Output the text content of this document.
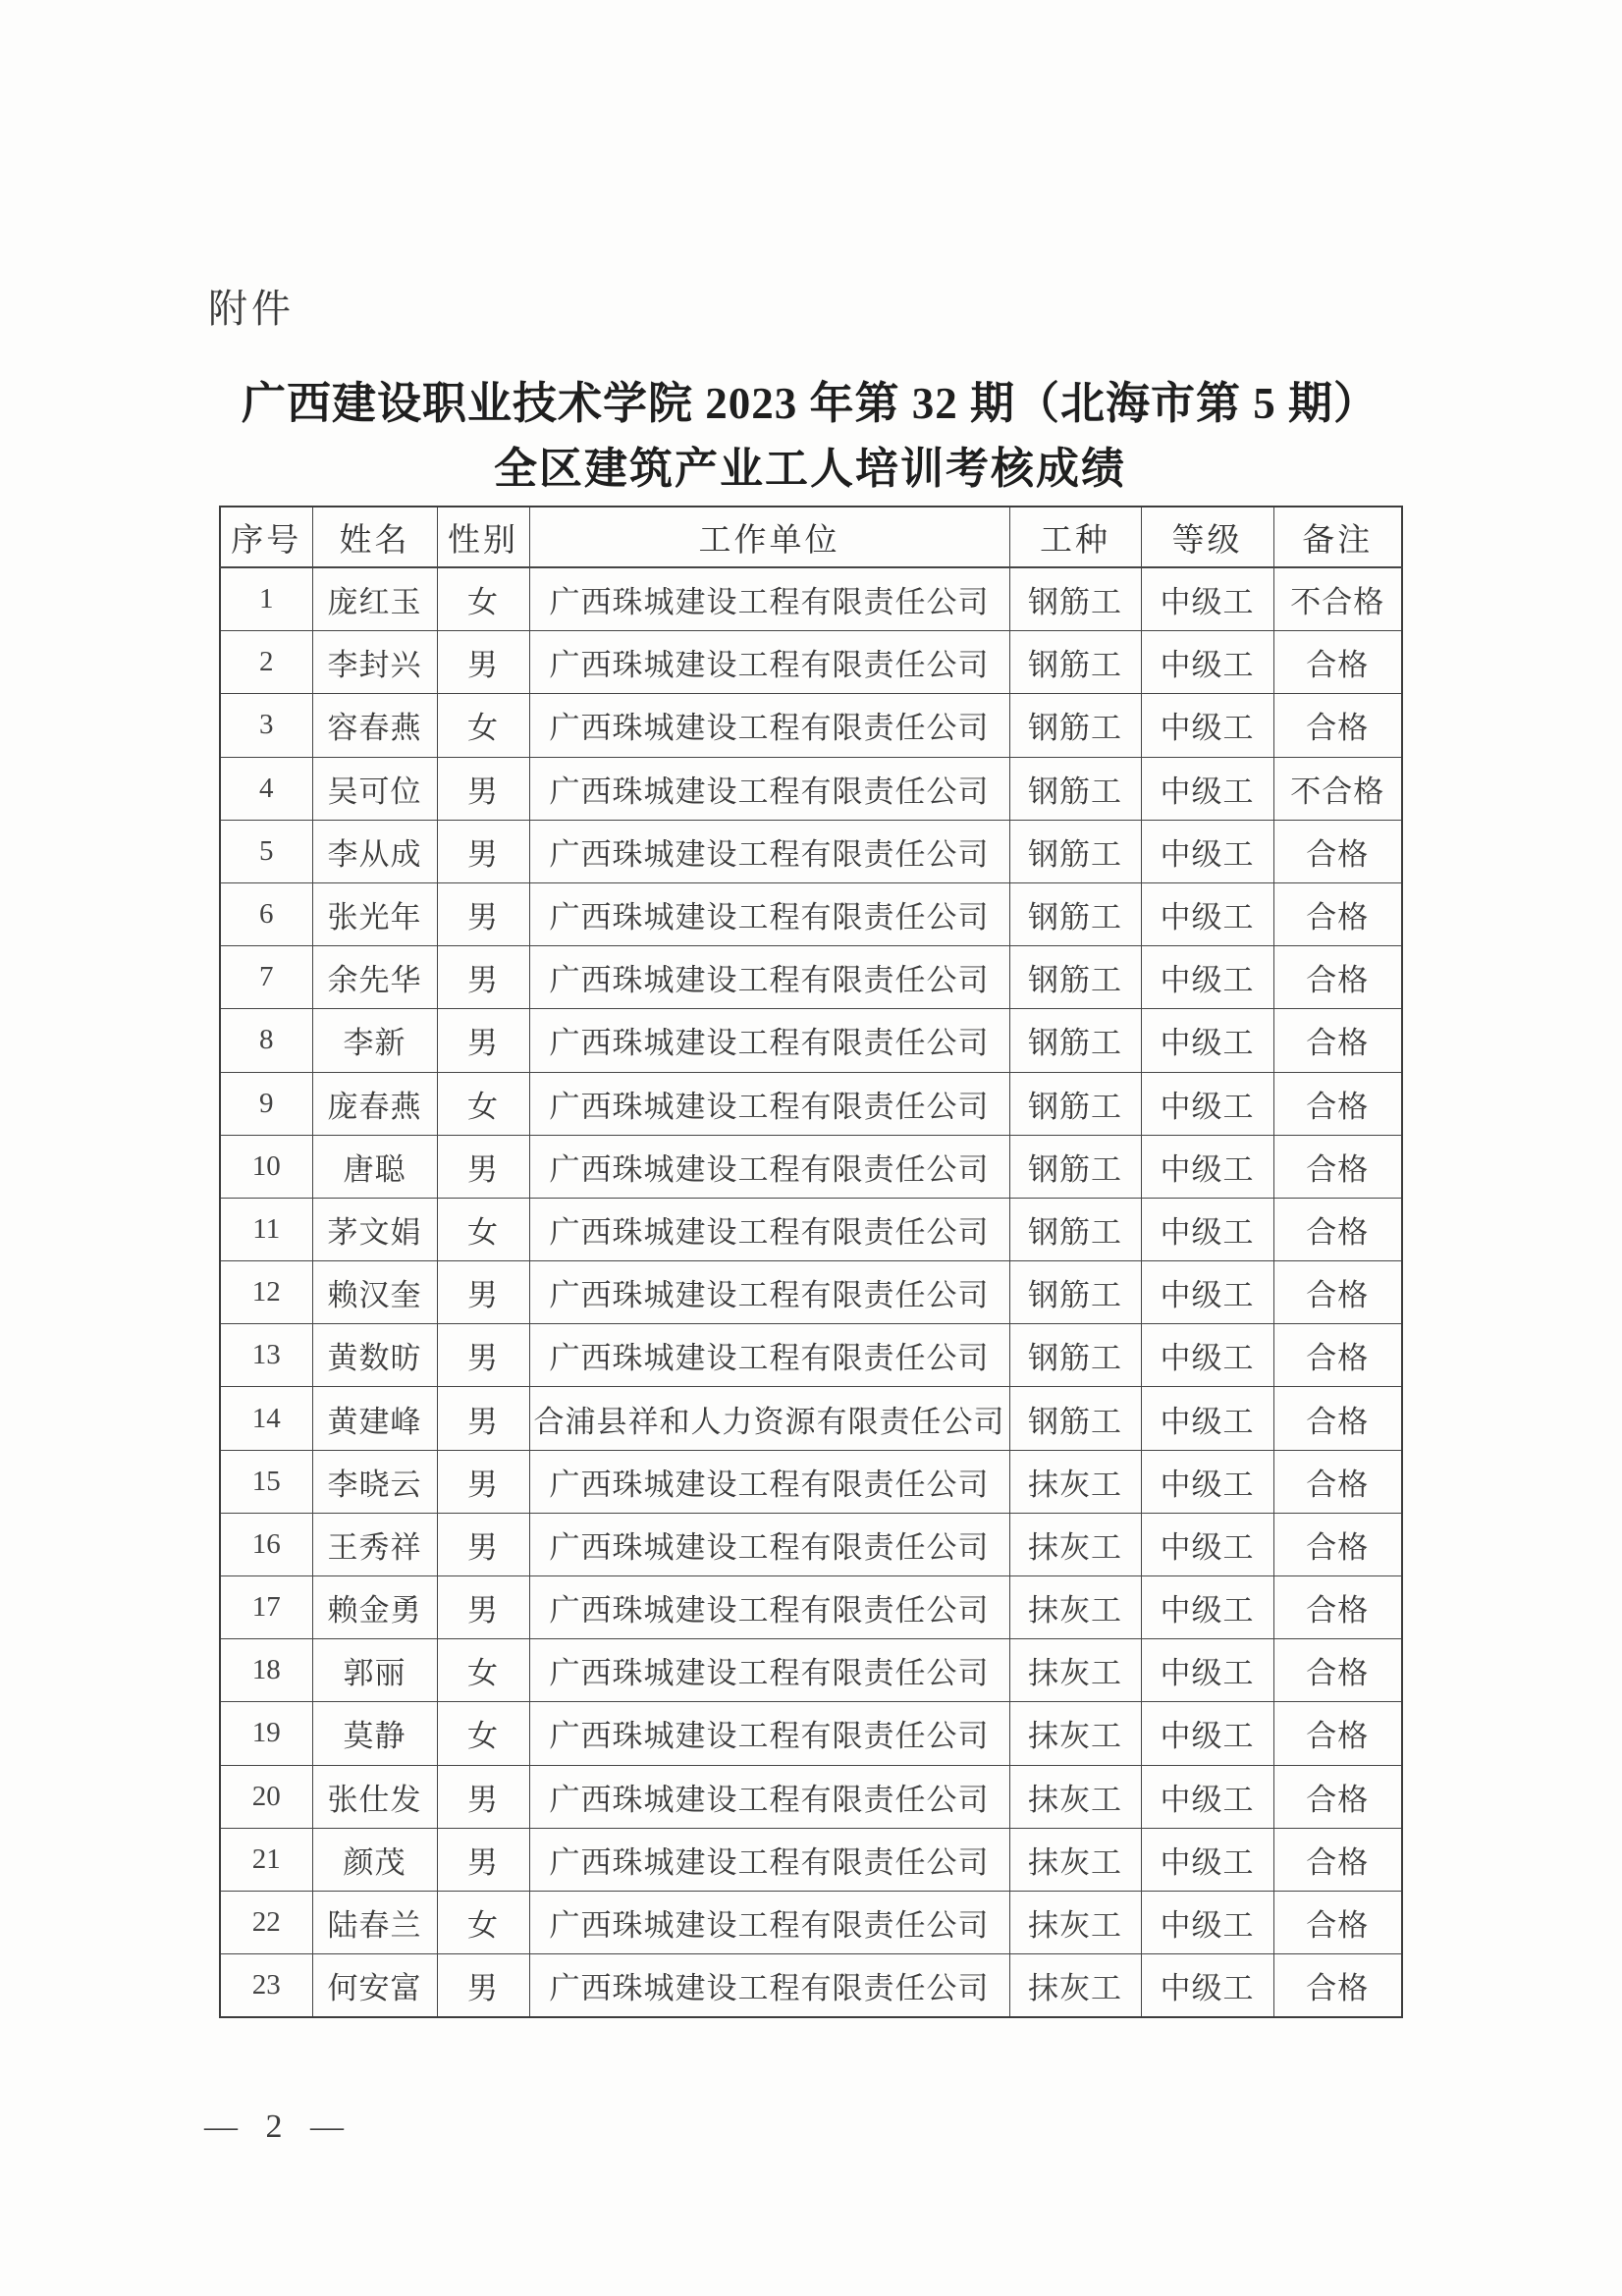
附件
广西建设职业技术学院 2023 年第 32 期（北海市第 5 期）
全区建筑产业工人培训考核成绩
序号	姓名	性别	工作单位	工种	等级	备注
1	庞红玉	女	广西珠城建设工程有限责任公司	钢筋工	中级工	不合格
2	李封兴	男	广西珠城建设工程有限责任公司	钢筋工	中级工	合格
3	容春燕	女	广西珠城建设工程有限责任公司	钢筋工	中级工	合格
4	吴可位	男	广西珠城建设工程有限责任公司	钢筋工	中级工	不合格
5	李从成	男	广西珠城建设工程有限责任公司	钢筋工	中级工	合格
6	张光年	男	广西珠城建设工程有限责任公司	钢筋工	中级工	合格
7	余先华	男	广西珠城建设工程有限责任公司	钢筋工	中级工	合格
8	李新	男	广西珠城建设工程有限责任公司	钢筋工	中级工	合格
9	庞春燕	女	广西珠城建设工程有限责任公司	钢筋工	中级工	合格
10	唐聪	男	广西珠城建设工程有限责任公司	钢筋工	中级工	合格
11	茅文娟	女	广西珠城建设工程有限责任公司	钢筋工	中级工	合格
12	赖汉奎	男	广西珠城建设工程有限责任公司	钢筋工	中级工	合格
13	黄数昉	男	广西珠城建设工程有限责任公司	钢筋工	中级工	合格
14	黄建峰	男	合浦县祥和人力资源有限责任公司	钢筋工	中级工	合格
15	李晓云	男	广西珠城建设工程有限责任公司	抹灰工	中级工	合格
16	王秀祥	男	广西珠城建设工程有限责任公司	抹灰工	中级工	合格
17	赖金勇	男	广西珠城建设工程有限责任公司	抹灰工	中级工	合格
18	郭丽	女	广西珠城建设工程有限责任公司	抹灰工	中级工	合格
19	莫静	女	广西珠城建设工程有限责任公司	抹灰工	中级工	合格
20	张仕发	男	广西珠城建设工程有限责任公司	抹灰工	中级工	合格
21	颜茂	男	广西珠城建设工程有限责任公司	抹灰工	中级工	合格
22	陆春兰	女	广西珠城建设工程有限责任公司	抹灰工	中级工	合格
23	何安富	男	广西珠城建设工程有限责任公司	抹灰工	中级工	合格
— 2 —
